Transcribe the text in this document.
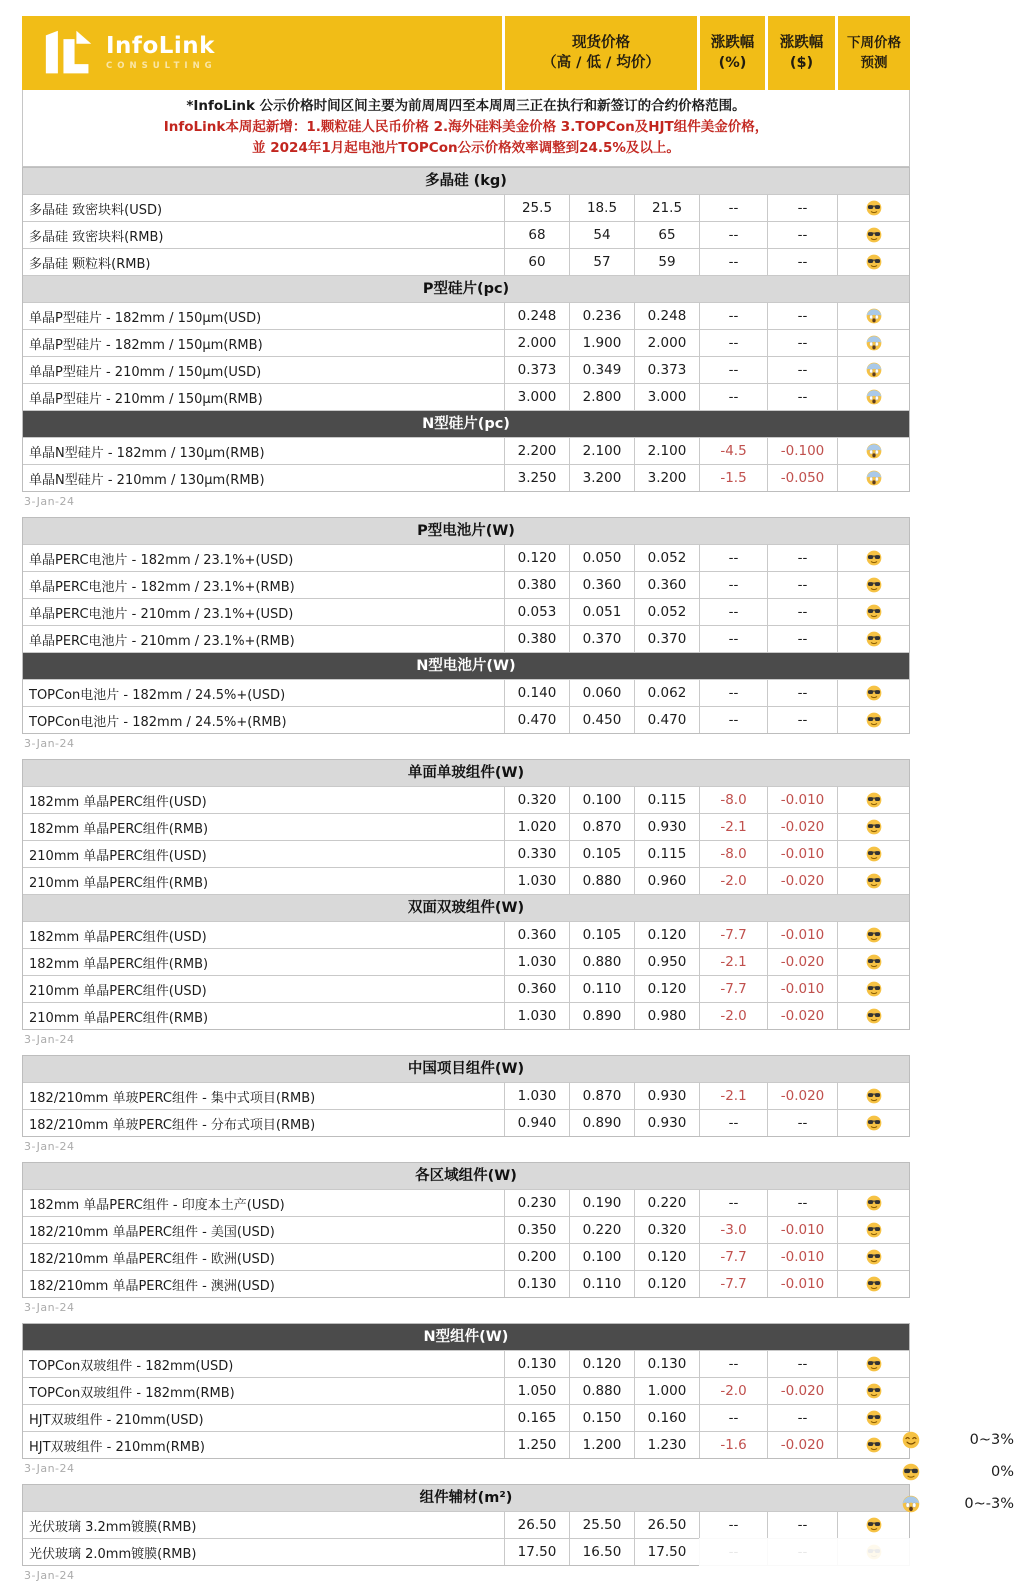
InfoLink
CONSULTING
现货价格
（高 / 低 / 均价）
涨跌幅
(%)
涨跌幅
($)
下周价格
预测
*InfoLink 公示价格时间区间主要为前周周四至本周周三正在执行和新签订的合约价格范围。
InfoLink本周起新增：1.颗粒硅人民币价格 2.海外硅料美金价格 3.TOPCon及HJT组件美金价格，
並 2024年1月起电池片TOPCon公示价格效率调整到24.5%及以上。
多晶硅 (kg)
多晶硅 致密块料(USD)	25.5	18.5	21.5	--	--
多晶硅 致密块料(RMB)	68	54	65	--	--
多晶硅 颗粒料(RMB)	60	57	59	--	--
P型硅片(pc)
单晶P型硅片 - 182mm / 150μm(USD)	0.248	0.236	0.248	--	--
单晶P型硅片 - 182mm / 150μm(RMB)	2.000	1.900	2.000	--	--
单晶P型硅片 - 210mm / 150μm(USD)	0.373	0.349	0.373	--	--
单晶P型硅片 - 210mm / 150μm(RMB)	3.000	2.800	3.000	--	--
N型硅片(pc)
单晶N型硅片 - 182mm / 130μm(RMB)	2.200	2.100	2.100	-4.5	-0.100
单晶N型硅片 - 210mm / 130μm(RMB)	3.250	3.200	3.200	-1.5	-0.050
3-Jan-24
P型电池片(W)
单晶PERC电池片 - 182mm / 23.1%+(USD)	0.120	0.050	0.052	--	--
单晶PERC电池片 - 182mm / 23.1%+(RMB)	0.380	0.360	0.360	--	--
单晶PERC电池片 - 210mm / 23.1%+(USD)	0.053	0.051	0.052	--	--
单晶PERC电池片 - 210mm / 23.1%+(RMB)	0.380	0.370	0.370	--	--
N型电池片(W)
TOPCon电池片 - 182mm / 24.5%+(USD)	0.140	0.060	0.062	--	--
TOPCon电池片 - 182mm / 24.5%+(RMB)	0.470	0.450	0.470	--	--
3-Jan-24
单面单玻组件(W)
182mm 单晶PERC组件(USD)	0.320	0.100	0.115	-8.0	-0.010
182mm 单晶PERC组件(RMB)	1.020	0.870	0.930	-2.1	-0.020
210mm 单晶PERC组件(USD)	0.330	0.105	0.115	-8.0	-0.010
210mm 单晶PERC组件(RMB)	1.030	0.880	0.960	-2.0	-0.020
双面双玻组件(W)
182mm 单晶PERC组件(USD)	0.360	0.105	0.120	-7.7	-0.010
182mm 单晶PERC组件(RMB)	1.030	0.880	0.950	-2.1	-0.020
210mm 单晶PERC组件(USD)	0.360	0.110	0.120	-7.7	-0.010
210mm 单晶PERC组件(RMB)	1.030	0.890	0.980	-2.0	-0.020
3-Jan-24
中国项目组件(W)
182/210mm 单玻PERC组件 - 集中式项目(RMB)	1.030	0.870	0.930	-2.1	-0.020
182/210mm 单玻PERC组件 - 分布式项目(RMB)	0.940	0.890	0.930	--	--
3-Jan-24
各区域组件(W)
182mm 单晶PERC组件 - 印度本土产(USD)	0.230	0.190	0.220	--	--
182/210mm 单晶PERC组件 - 美国(USD)	0.350	0.220	0.320	-3.0	-0.010
182/210mm 单晶PERC组件 - 欧洲(USD)	0.200	0.100	0.120	-7.7	-0.010
182/210mm 单晶PERC组件 - 澳洲(USD)	0.130	0.110	0.120	-7.7	-0.010
3-Jan-24
N型组件(W)
TOPCon双玻组件 - 182mm(USD)	0.130	0.120	0.130	--	--
TOPCon双玻组件 - 182mm(RMB)	1.050	0.880	1.000	-2.0	-0.020
HJT双玻组件 - 210mm(USD)	0.165	0.150	0.160	--	--
HJT双玻组件 - 210mm(RMB)	1.250	1.200	1.230	-1.6	-0.020
3-Jan-24
组件辅材(m²)
光伏玻璃 3.2mm镀膜(RMB)	26.50	25.50	26.50	--	--
光伏玻璃 2.0mm镀膜(RMB)	17.50	16.50	17.50
3-Jan-24
0~3%
0%
0~-3%
